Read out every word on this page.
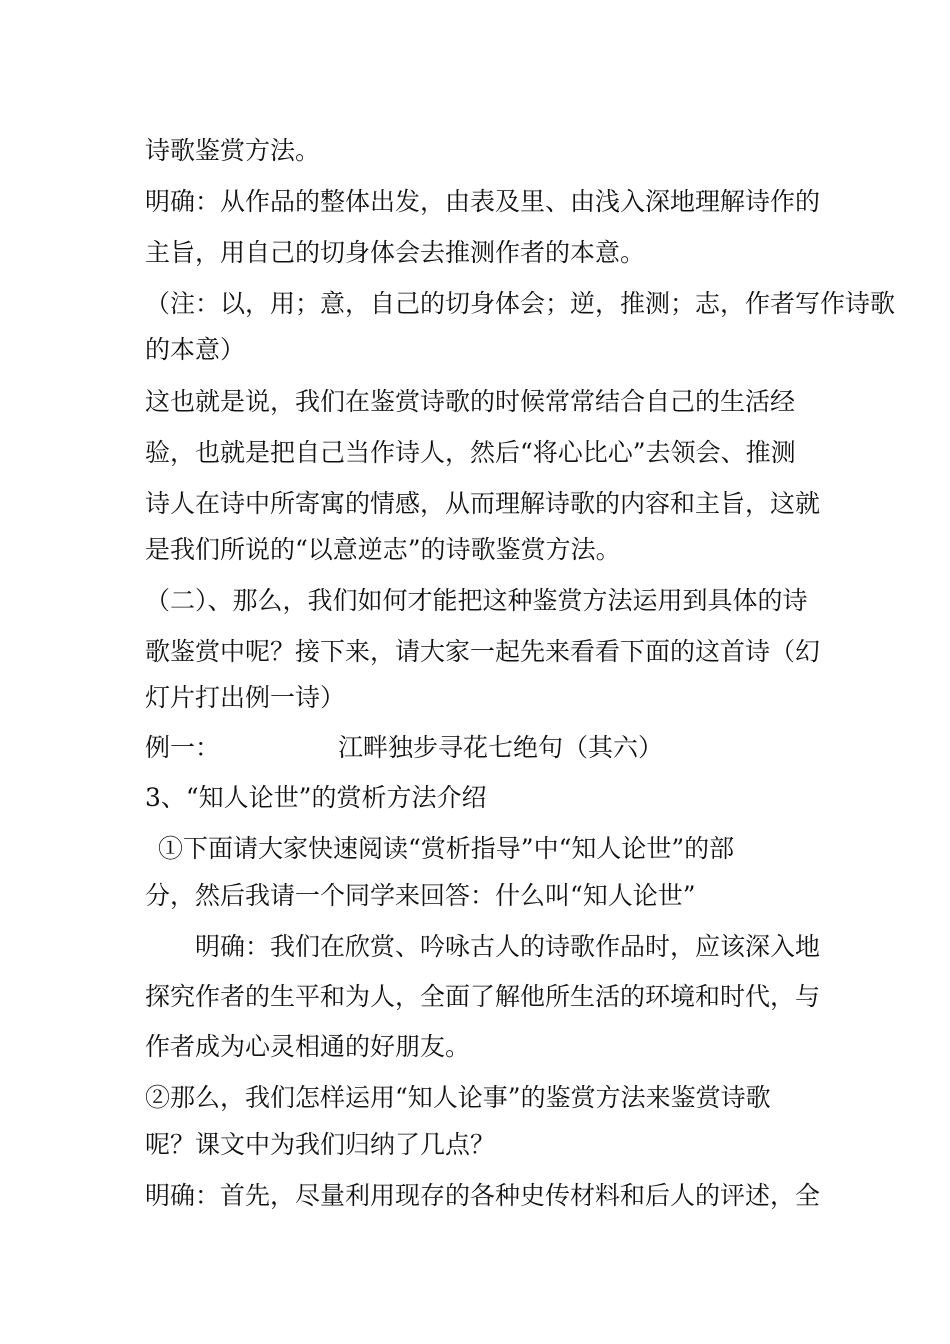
诗歌鉴赏方法。
明确：从作品的整体出发，由表及里、由浅入深地理解诗作的
主旨，用自己的切身体会去推测作者的本意。
（注：以，用；意，自己的切身体会；逆，推测；志，作者写作诗歌
的本意）
这也就是说，我们在鉴赏诗歌的时候常常结合自己的生活经
验，也就是把自己当作诗人，然后“将心比心”去领会、推测
诗人在诗中所寄寓的情感，从而理解诗歌的内容和主旨，这就
是我们所说的“以意逆志”的诗歌鉴赏方法。
（二）、那么，我们如何才能把这种鉴赏方法运用到具体的诗
歌鉴赏中呢？接下来，请大家一起先来看看下面的这首诗（幻
灯片打出例一诗）
例一：	江畔独步寻花七绝句（其六）
3、“知人论世”的赏析方法介绍
①下面请大家快速阅读“赏析指导”中“知人论世”的部
分，然后我请一个同学来回答：什么叫“知人论世”
明确：我们在欣赏、吟咏古人的诗歌作品时，应该深入地
探究作者的生平和为人，全面了解他所生活的环境和时代，与
作者成为心灵相通的好朋友。
②那么，我们怎样运用“知人论事”的鉴赏方法来鉴赏诗歌
呢？课文中为我们归纳了几点？
明确：首先，尽量利用现存的各种史传材料和后人的评述，全
